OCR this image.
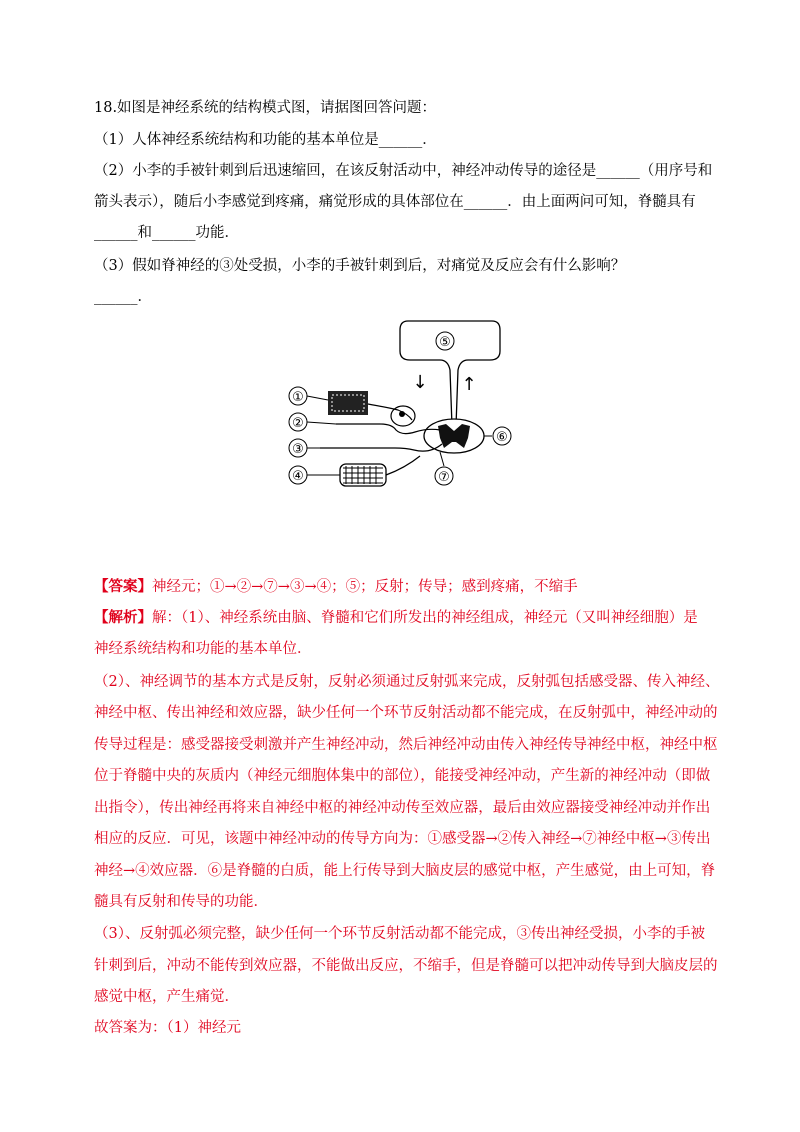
18.如图是神经系统的结构模式图，请据图回答问题：
（1）人体神经系统结构和功能的基本单位是______．
（2）小李的手被针刺到后迅速缩回，在该反射活动中，神经冲动传导的途径是______（用序号和
箭头表示），随后小李感觉到疼痛，痛觉形成的具体部位在______．由上面两问可知，脊髓具有
______和______功能．
（3）假如脊神经的③处受损，小李的手被针刺到后，对痛觉及反应会有什么影响？
______．
⑤
↓ ↑
⑦
⑥
①
②
③
④
【答案】神经元；①→②→⑦→③→④；⑤；反射；传导；感到疼痛，不缩手
【解析】解：（1）、神经系统由脑、脊髓和它们所发出的神经组成，神经元（又叫神经细胞）是
神经系统结构和功能的基本单位．
（2）、神经调节的基本方式是反射，反射必须通过反射弧来完成，反射弧包括感受器、传入神经、
神经中枢、传出神经和效应器，缺少任何一个环节反射活动都不能完成，在反射弧中，神经冲动的
传导过程是：感受器接受刺激并产生神经冲动，然后神经冲动由传入神经传导神经中枢，神经中枢
位于脊髓中央的灰质内（神经元细胞体集中的部位），能接受神经冲动，产生新的神经冲动（即做
出指令），传出神经再将来自神经中枢的神经冲动传至效应器，最后由效应器接受神经冲动并作出
相应的反应．可见，该题中神经冲动的传导方向为：①感受器→②传入神经→⑦神经中枢→③传出
神经→④效应器．⑥是脊髓的白质，能上行传导到大脑皮层的感觉中枢，产生感觉，由上可知，脊
髓具有反射和传导的功能．
（3）、反射弧必须完整，缺少任何一个环节反射活动都不能完成，③传出神经受损，小李的手被
针刺到后，冲动不能传到效应器，不能做出反应，不缩手，但是脊髓可以把冲动传导到大脑皮层的
感觉中枢，产生痛觉．
故答案为：（1）神经元
